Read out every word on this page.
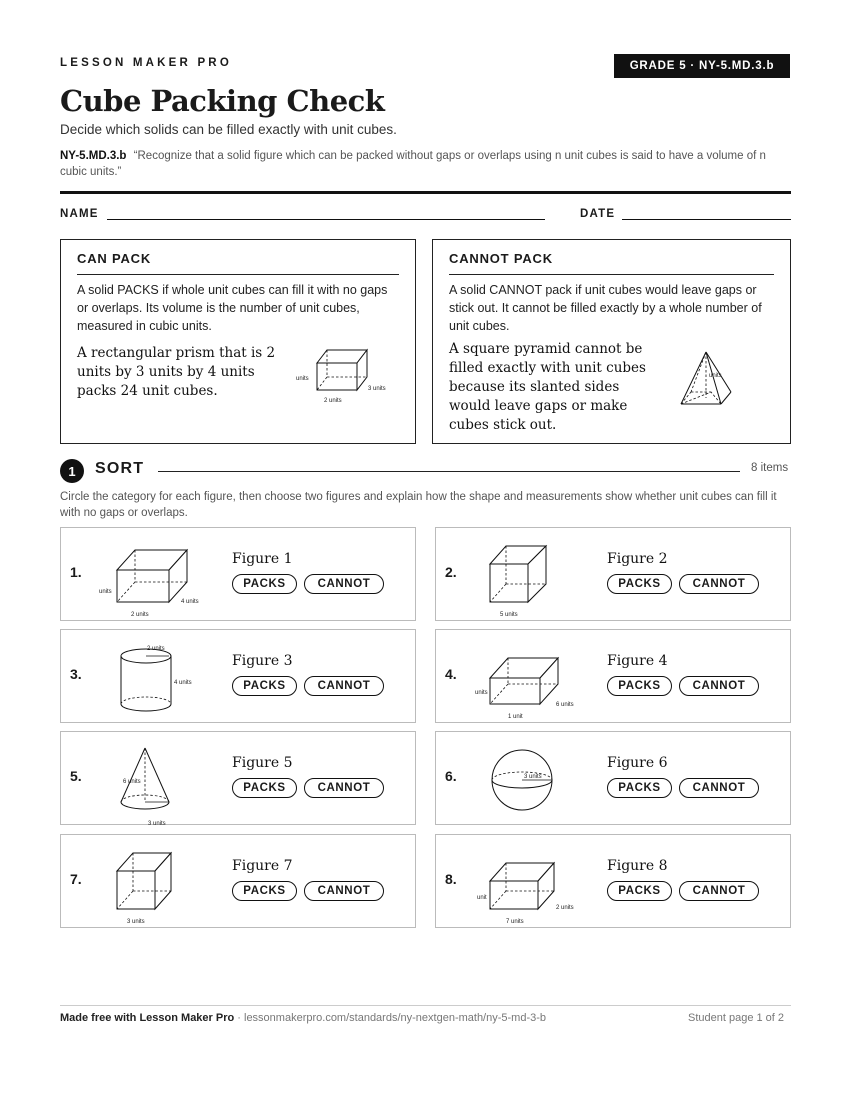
LESSON MAKER PRO	GRADE 5 · NY-5.MD.3.b
Cube Packing Check
Decide which solids can be filled exactly with unit cubes.
NY-5.MD.3.b “Recognize that a solid figure which can be packed without gaps or overlaps using n unit cubes is said to have a volume of n cubic units.”
NAME	DATE
CAN PACK
A solid PACKS if whole unit cubes can fill it with no gaps or overlaps. Its volume is the number of unit cubes, measured in cubic units.
A rectangular prism that is 2 units by 3 units by 4 units packs 24 unit cubes.
units
2 units
3 units
CANNOT PACK
A solid CANNOT pack if unit cubes would leave gaps or stick out. It cannot be filled exactly by a whole number of unit cubes.
A square pyramid cannot be filled exactly with unit cubes because its slanted sides would leave gaps or make cubes stick out.
units
1	SORT	8 items
Circle the category for each figure, then choose two figures and explain how the shape and measurements show whether unit cubes can fill it with no gaps or overlaps.
1.
units
2 units
4 units
Figure 1
PACKS	CANNOT
2.
5 units
Figure 2
PACKS	CANNOT
3.
2 units
4 units
Figure 3
PACKS	CANNOT
4.
units
1 unit
6 units
Figure 4
PACKS	CANNOT
5.	6 units
3 units
Figure 5
PACKS	CANNOT
6.	3 units
Figure 6
PACKS	CANNOT
7.
3 units
Figure 7
PACKS	CANNOT
8.
unit
7 units
2 units
Figure 8
PACKS	CANNOT
Made free with Lesson Maker Pro · lessonmakerpro.com/standards/ny-nextgen-math/ny-5-md-3-b	Student page 1 of 2
